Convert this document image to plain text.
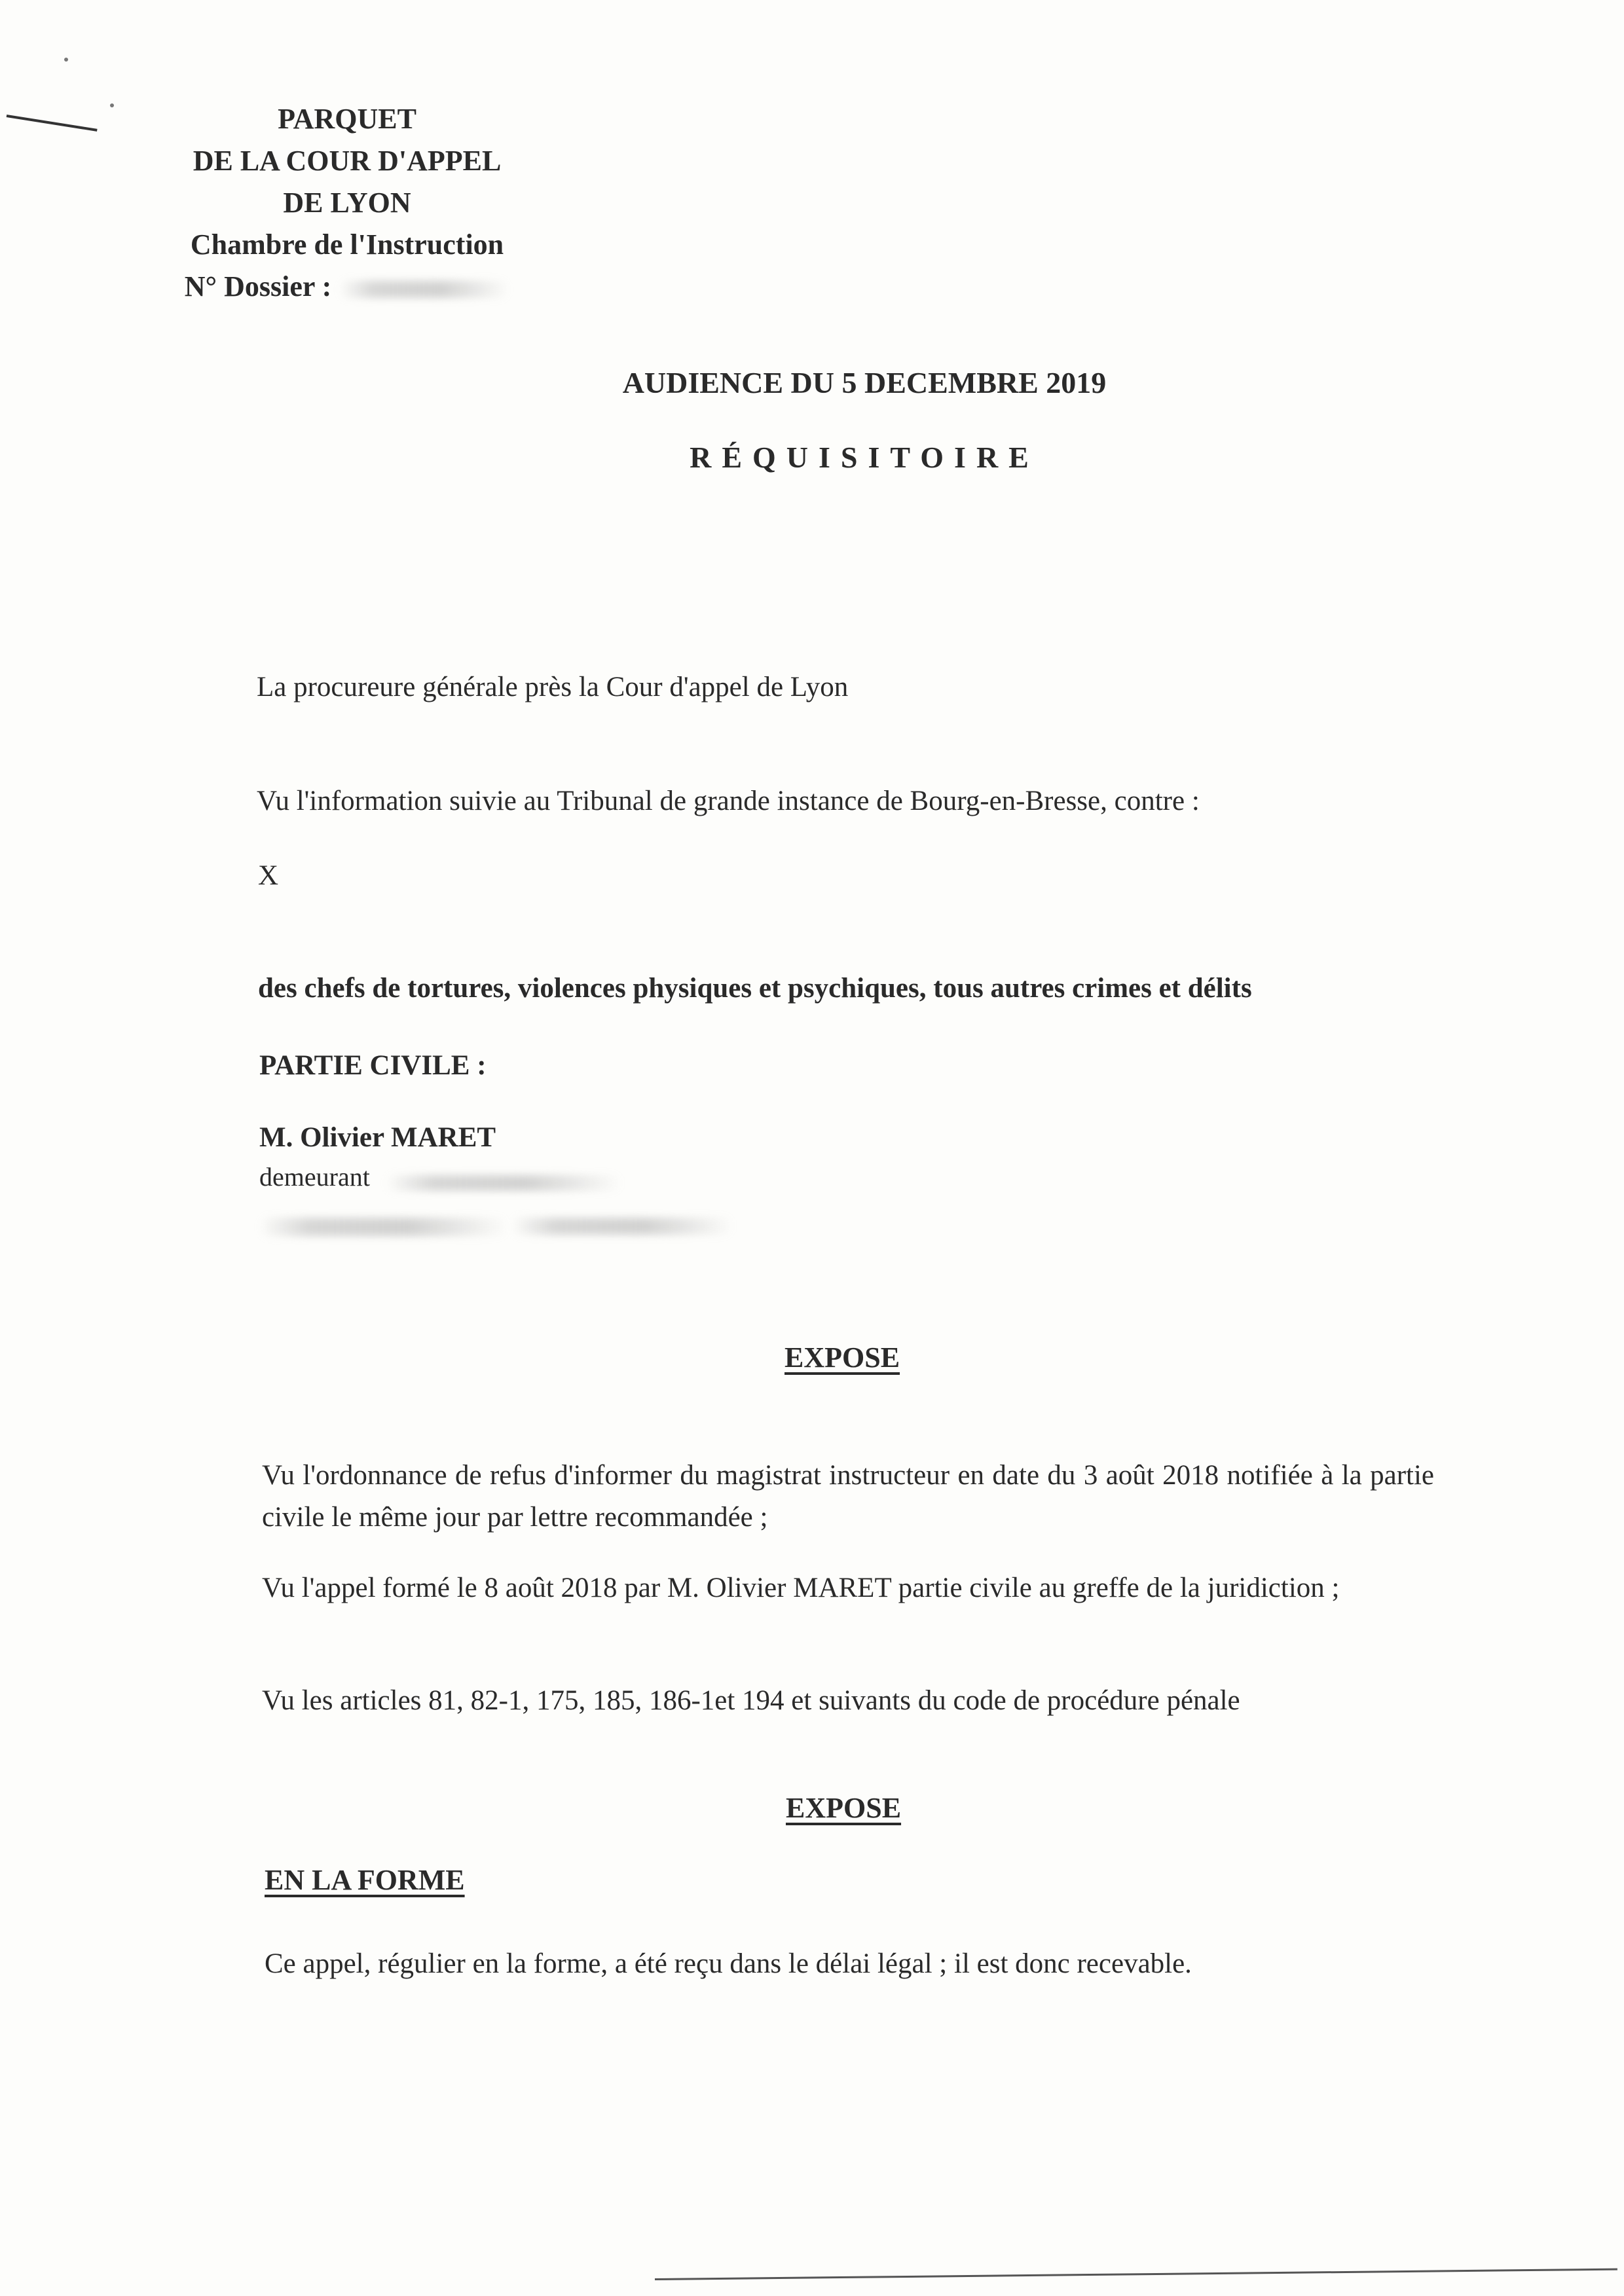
PARQUET
DE LA COUR D'APPEL
DE LYON
Chambre de l'Instruction
N° Dossier :
AUDIENCE DU 5 DECEMBRE 2019
RÉQUISITOIRE
La procureure générale près la Cour d'appel de Lyon
Vu l'information suivie au Tribunal de grande instance de Bourg-en-Bresse, contre :
X
des chefs de tortures, violences physiques et psychiques, tous autres crimes et délits
PARTIE CIVILE :
M. Olivier MARET
demeurant
EXPOSE
Vu l'ordonnance de refus d'informer du magistrat instructeur en date du 3 août 2018 notifiée à la partie civile le même jour par lettre recommandée ;
Vu l'appel formé le 8 août 2018 par M. Olivier MARET partie civile au greffe de la juridiction ;
Vu les articles 81, 82-1, 175, 185, 186-1et 194 et suivants du code de procédure pénale
EXPOSE
EN LA FORME
Ce appel, régulier en la forme, a été reçu dans le délai légal ; il est donc recevable.
